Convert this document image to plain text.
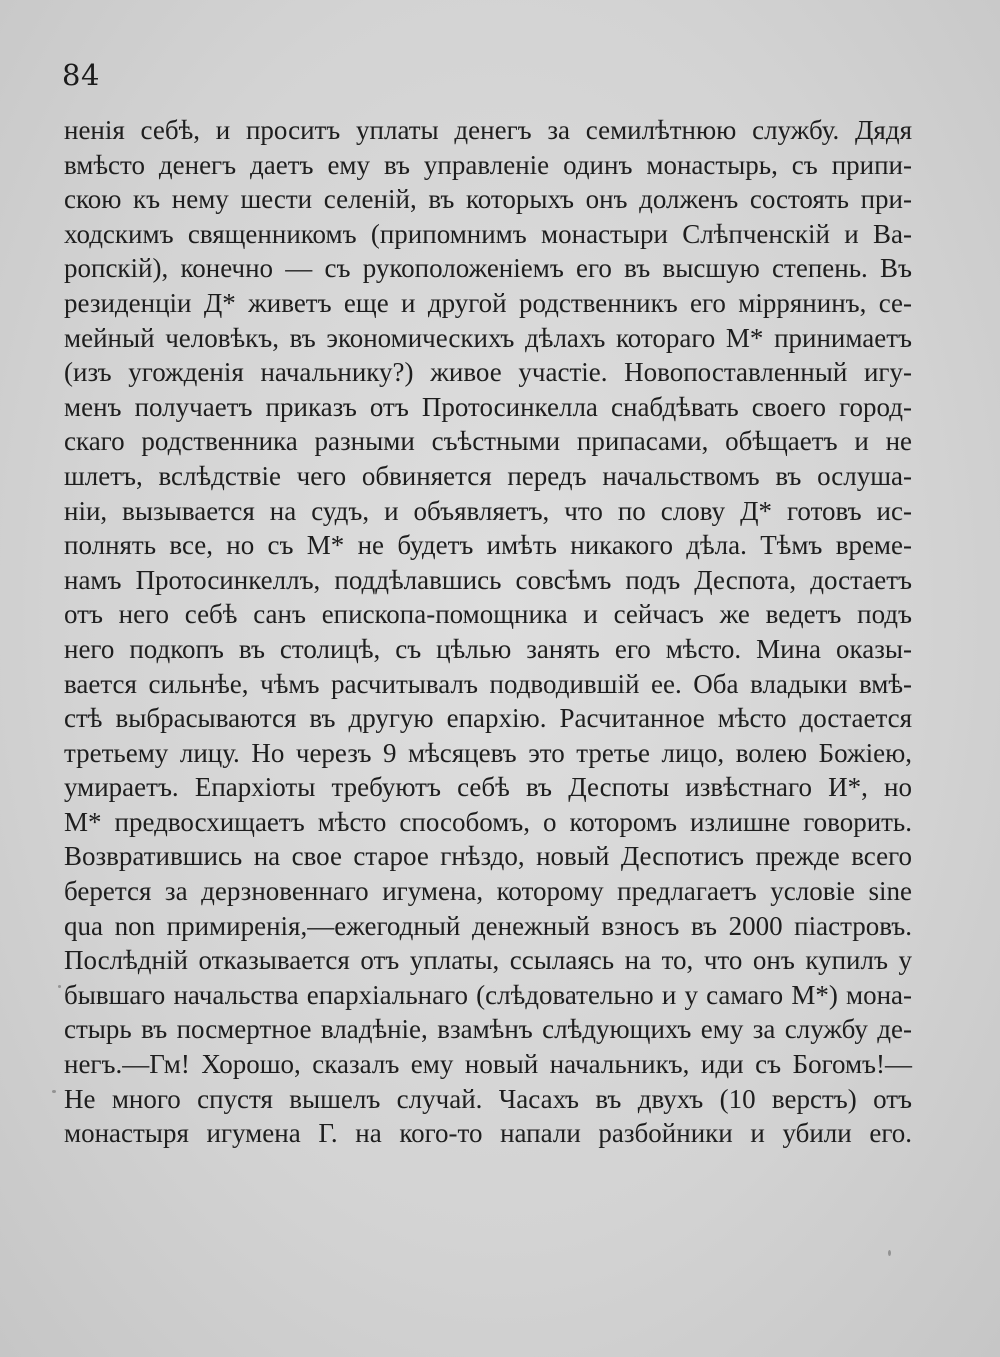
84
ненія себѣ, и проситъ уплаты денегъ за семилѣтнюю службу. Дядя
вмѣсто денегъ даетъ ему въ управленіе одинъ монастырь, съ припи-
скою къ нему шести селеній, въ которыхъ онъ долженъ состоять при-
ходскимъ священникомъ (припомнимъ монастыри Слѣпченскій и Ва-
ропскій), конечно — съ рукоположеніемъ его въ высшую степень. Въ
резиденціи Д* живетъ еще и другой родственникъ его міррянинъ, се-
мейный человѣкъ, въ экономическихъ дѣлахъ котораго М* принимаетъ
(изъ угожденія начальнику?) живое участіе. Новопоставленный игу-
менъ получаетъ приказъ отъ Протосинкелла снабдѣвать своего город-
скаго родственника разными съѣстными припасами, обѣщаетъ и не
шлетъ, вслѣдствіе чего обвиняется передъ начальствомъ въ ослуша-
ніи, вызывается на судъ, и объявляетъ, что по слову Д* готовъ ис-
полнять все, но съ М* не будетъ имѣть никакого дѣла. Тѣмъ време-
намъ Протосинкеллъ, поддѣлавшись совсѣмъ подъ Деспота, достаетъ
отъ него себѣ санъ епископа-помощника и сейчасъ же ведетъ подъ
него подкопъ въ столицѣ, съ цѣлью занять его мѣсто. Мина оказы-
вается сильнѣе, чѣмъ расчитывалъ подводившій ее. Оба владыки вмѣ-
стѣ выбрасываются въ другую епархію. Расчитанное мѣсто достается
третьему лицу. Но черезъ 9 мѣсяцевъ это третье лицо, волею Божіею,
умираетъ. Епархіоты требуютъ себѣ въ Деспоты извѣстнаго И*, но
М* предвосхищаетъ мѣсто способомъ, о которомъ излишне говорить.
Возвратившись на свое старое гнѣздо, новый Деспотисъ прежде всего
берется за дерзновеннаго игумена, которому предлагаетъ условіе sine
qua non примиренія,—ежегодный денежный взносъ въ 2000 піастровъ.
Послѣдній отказывается отъ уплаты, ссылаясь на то, что онъ купилъ у
бывшаго начальства епархіальнаго (слѣдовательно и у самаго М*) мона-
стырь въ посмертное владѣніе, взамѣнъ слѣдующихъ ему за службу де-
негъ.—Гм! Хорошо, сказалъ ему новый начальникъ, иди съ Богомъ!—
Не много спустя вышелъ случай. Часахъ въ двухъ (10 верстъ) отъ
монастыря игумена Г. на кого-то напали разбойники и убили его.
